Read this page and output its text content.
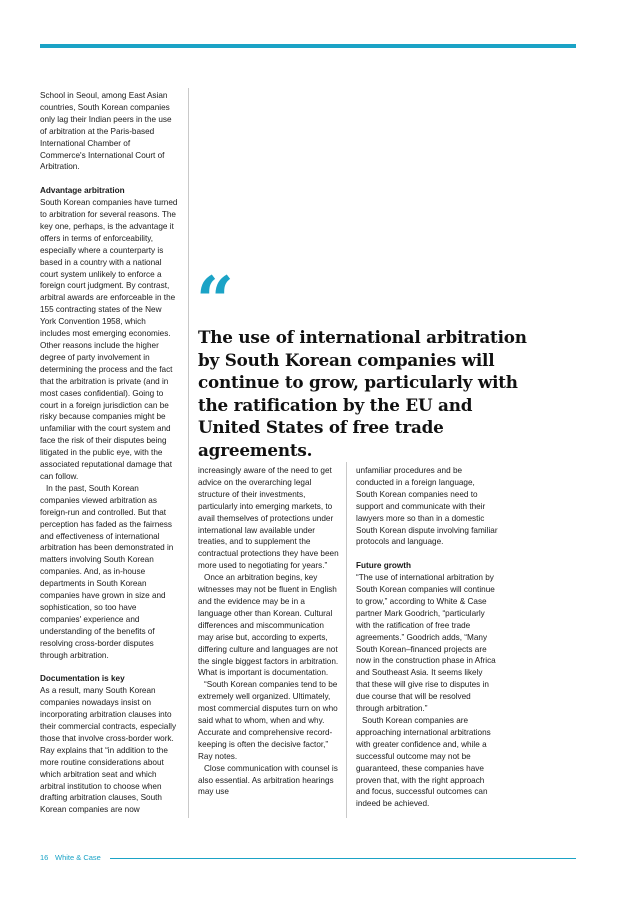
School in Seoul, among East Asian countries, South Korean companies only lag their Indian peers in the use of arbitration at the Paris-based International Chamber of Commerce's International Court of Arbitration.

Advantage arbitration

South Korean companies have turned to arbitration for several reasons. The key one, perhaps, is the advantage it offers in terms of enforceability, especially where a counterparty is based in a country with a national court system unlikely to enforce a foreign court judgment. By contrast, arbitral awards are enforceable in the 155 contracting states of the New York Convention 1958, which includes most emerging economies. Other reasons include the higher degree of party involvement in determining the process and the fact that the arbitration is private (and in most cases confidential). Going to court in a foreign jurisdiction can be risky because companies might be unfamiliar with the court system and face the risk of their disputes being litigated in the public eye, with the associated reputational damage that can follow.

In the past, South Korean companies viewed arbitration as foreign-run and controlled. But that perception has faded as the fairness and effectiveness of international arbitration has been demonstrated in matters involving South Korean companies. And, as in-house departments in South Korean companies have grown in size and sophistication, so too have companies' experience and understanding of the benefits of resolving cross-border disputes through arbitration.

Documentation is key

As a result, many South Korean companies nowadays insist on incorporating arbitration clauses into their commercial contracts, especially those that involve cross-border work. Ray explains that “in addition to the more routine considerations about which arbitration seat and which arbitral institution to choose when drafting arbitration clauses, South Korean companies are now

“
The use of international arbitration by South Korean companies will continue to grow, particularly with the ratification by the EU and United States of free trade agreements.

increasingly aware of the need to get advice on the overarching legal structure of their investments, particularly into emerging markets, to avail themselves of protections under international law available under treaties, and to supplement the contractual protections they have been more used to negotiating for years.”

Once an arbitration begins, key witnesses may not be fluent in English and the evidence may be in a language other than Korean. Cultural differences and miscommunication may arise but, according to experts, differing culture and languages are not the single biggest factors in arbitration. What is important is documentation.

“South Korean companies tend to be extremely well organized. Ultimately, most commercial disputes turn on who said what to whom, when and why. Accurate and comprehensive record-keeping is often the decisive factor,” Ray notes.

Close communication with counsel is also essential. As arbitration hearings may use

unfamiliar procedures and be conducted in a foreign language, South Korean companies need to support and communicate with their lawyers more so than in a domestic South Korean dispute involving familiar protocols and language.

Future growth

“The use of international arbitration by South Korean companies will continue to grow,” according to White & Case partner Mark Goodrich, “particularly with the ratification of free trade agreements.” Goodrich adds, “Many South Korean–financed projects are now in the construction phase in Africa and Southeast Asia. It seems likely that these will give rise to disputes in due course that will be resolved through arbitration.”

South Korean companies are approaching international arbitrations with greater confidence and, while a successful outcome may not be guaranteed, these companies have proven that, with the right approach and focus, successful outcomes can indeed be achieved.

16 White & Case
